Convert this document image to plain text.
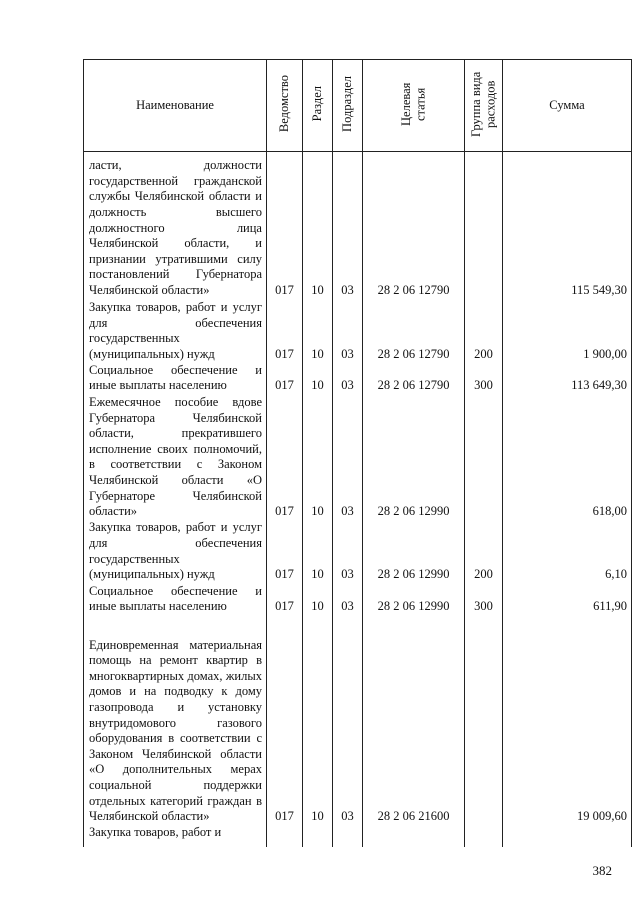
Наименование	Ведомство	Раздел	Подраздел	Целевая статья	Группа вида расходов	Сумма
ласти, должности государственной гражданской службы Челябинской области и должность высшего должностного лица Челябинской области, и признании утратившими силу постановлений Губернатора Челябинской области»	017	10	03	28 2 06 12790		115 549,30
Закупка товаров, работ и услуг для обеспечения государственных (муниципальных) нужд	017	10	03	28 2 06 12790	200	1 900,00
Социальное обеспечение и иные выплаты населению	017	10	03	28 2 06 12790	300	113 649,30
Ежемесячное пособие вдове Губернатора Челябинской области, прекратившего исполнение своих полномочий, в соответствии с Законом Челябинской области «О Губернаторе Челябинской области»	017	10	03	28 2 06 12990		618,00
Закупка товаров, работ и услуг для обеспечения государственных (муниципальных) нужд	017	10	03	28 2 06 12990	200	6,10
Социальное обеспечение и иные выплаты населению	017	10	03	28 2 06 12990	300	611,90
Единовременная материальная помощь на ремонт квартир в многоквартирных домах, жилых домов и на подводку к дому газопровода и установку внутридомового газового оборудования в соответствии с Законом Челябинской области «О дополнительных мерах социальной поддержки отдельных категорий граждан в Челябинской области»	017	10	03	28 2 06 21600		19 009,60
Закупка товаров, работ и						
382
